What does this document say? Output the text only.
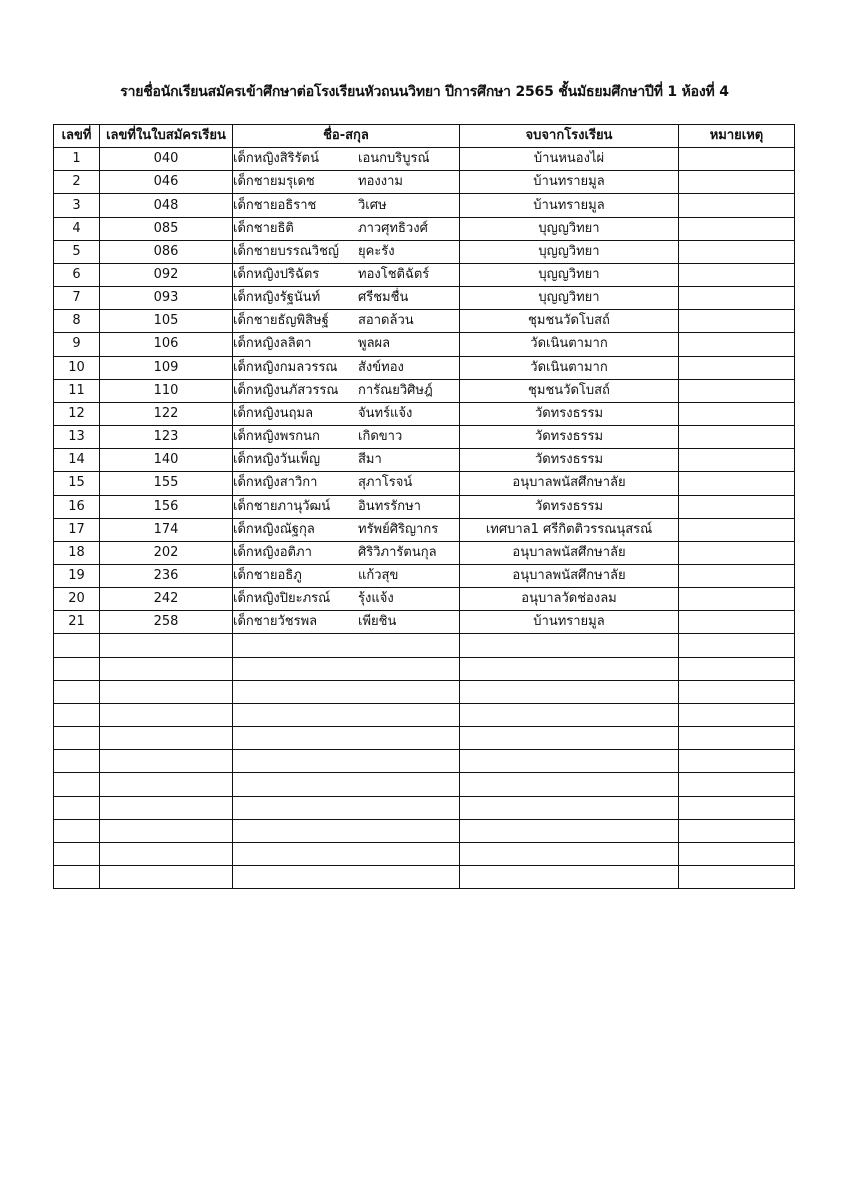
รายชื่อนักเรียนสมัครเข้าศึกษาต่อโรงเรียนหัวถนนวิทยา ปีการศึกษา 2565 ชั้นมัธยมศึกษาปีที่ 1 ห้องที่ 4
เลขที่	เลขที่ในใบสมัครเรียน	ชื่อ-สกุล	จบจากโรงเรียน	หมายเหตุ
1	040	เด็กหญิงสิริรัตน์ เอนกบริบูรณ์	บ้านหนองไผ่	
2	046	เด็กชายมรุเดช ทองงาม	บ้านทรายมูล	
3	048	เด็กชายอธิราช วิเศษ	บ้านทรายมูล	
4	085	เด็กชายธิติ ภาวศุทธิวงศ์	บุญญวิทยา	
5	086	เด็กชายบรรณวิชญ์ ยุคะรัง	บุญญวิทยา	
6	092	เด็กหญิงปริฉัตร ทองโชติฉัตร์	บุญญวิทยา	
7	093	เด็กหญิงรัฐนันท์ ศรีชมชื่น	บุญญวิทยา	
8	105	เด็กชายธัญพิสิษฐ์ สอาดล้วน	ชุมชนวัดโบสถ์	
9	106	เด็กหญิงลลิตา พูลผล	วัดเนินตามาก	
10	109	เด็กหญิงกมลวรรณ สังข์ทอง	วัดเนินตามาก	
11	110	เด็กหญิงนภัสวรรณ การัณยวิศิษฎ์	ชุมชนวัดโบสถ์	
12	122	เด็กหญิงนฤมล จันทร์แจ้ง	วัดทรงธรรม	
13	123	เด็กหญิงพรกนก เกิดขาว	วัดทรงธรรม	
14	140	เด็กหญิงวันเพ็ญ สีมา	วัดทรงธรรม	
15	155	เด็กหญิงสาวิกา สุภาโรจน์	อนุบาลพนัสศึกษาลัย	
16	156	เด็กชายภานุวัฒน์ อินทรรักษา	วัดทรงธรรม	
17	174	เด็กหญิงณัฐกุล ทรัพย์ศิริญากร	เทศบาล1 ศรีกิตติวรรณนุสรณ์	
18	202	เด็กหญิงอติภา ศิริวิภารัตนกุล	อนุบาลพนัสศึกษาลัย	
19	236	เด็กชายอธิภู แก้วสุข	อนุบาลพนัสศึกษาลัย	
20	242	เด็กหญิงปิยะภรณ์ รุ้งแจ้ง	อนุบาลวัดช่องลม	
21	258	เด็กชายวัชรพล เพียชิน	บ้านทรายมูล	
